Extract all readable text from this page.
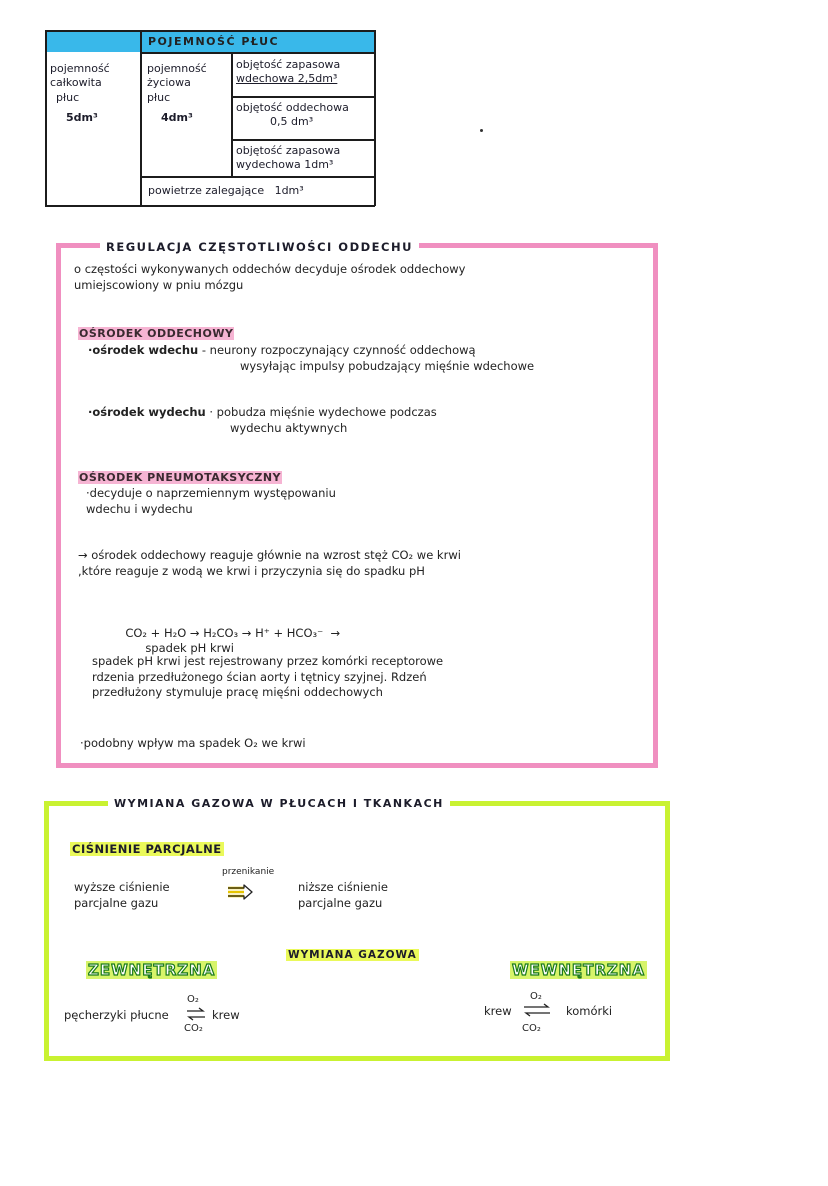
POJEMNOŚĆ PŁUC
pojemność
całkowita
płuc
5dm³
pojemność
życiowa
płuc
4dm³
objętość zapasowa
wdechowa 2,5dm³
objętość oddechowa
0,5 dm³
objętość zapasowa
wydechowa 1dm³
powietrze zalegające   1dm³
REGULACJA CZĘSTOTLIWOŚCI ODDECHU
o częstości wykonywanych oddechów decyduje ośrodek oddechowy
umiejscowiony w pniu mózgu
OŚRODEK ODDECHOWY
·ośrodek wdechu - neurony rozpoczynający czynność oddechową
wysyłając impulsy pobudzający mięśnie wdechowe
·ośrodek wydechu · pobudza mięśnie wydechowe podczas
wydechu aktywnych
OŚRODEK PNEUMOTAKSYCZNY
·decyduje o naprzemiennym występowaniu
wdechu i wydechu
→ ośrodek oddechowy reaguje głównie na wzrost stęż CO₂ we krwi
,które reaguje z wodą we krwi i przyczynia się do spadku pH

CO₂ + H₂O → H₂CO₃ → H⁺ + HCO₃⁻  →
spadek pH krwi

spadek pH krwi jest rejestrowany przez komórki receptorowe
rdzenia przedłużonego ścian aorty i tętnicy szyjnej. Rdzeń
przedłużony stymuluje pracę mięśni oddechowych
·podobny wpływ ma spadek O₂ we krwi
WYMIANA GAZOWA W PŁUCACH I TKANKACH
CIŚNIENIE PARCJALNE
wyższe ciśnienie
parcjalne gazu
przenikanie
niższe ciśnienie
parcjalne gazu
WYMIANA GAZOWA
ZEWNĘTRZNA	WEWNĘTRZNA
pęcherzyki płucne
O₂
CO₂
krew	krew
O₂
CO₂
komórki
